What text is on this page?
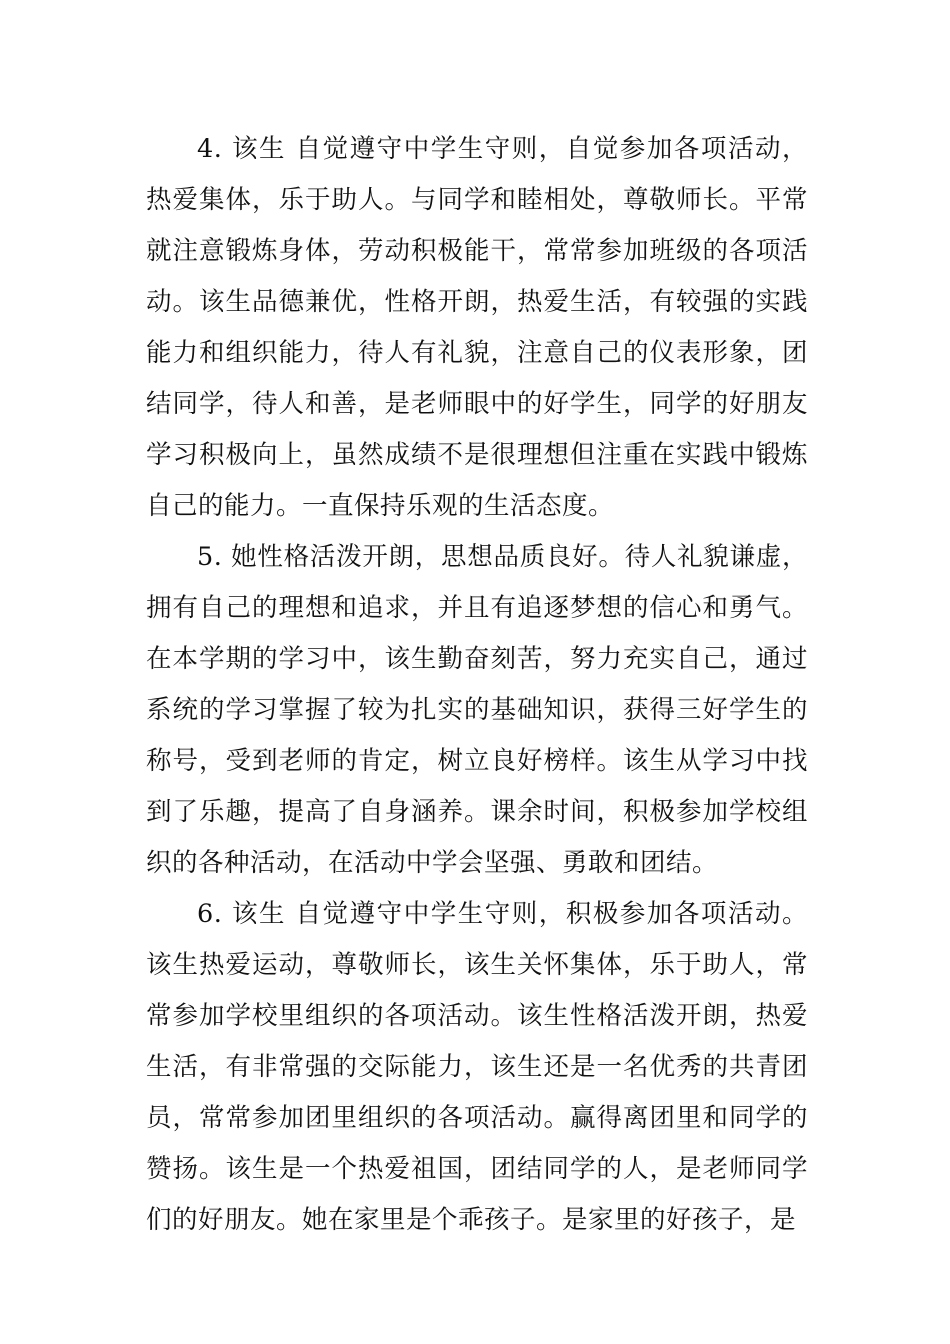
4. 该生 自觉遵守中学生守则，自觉参加各项活动，热爱集体，乐于助人。与同学和睦相处，尊敬师长。平常就注意锻炼身体，劳动积极能干，常常参加班级的各项活动。该生品德兼优，性格开朗，热爱生活，有较强的实践能力和组织能力，待人有礼貌，注意自己的仪表形象，团结同学，待人和善，是老师眼中的好学生，同学的好朋友学习积极向上，虽然成绩不是很理想但注重在实践中锻炼自己的能力。一直保持乐观的生活态度。

5. 她性格活泼开朗，思想品质良好。待人礼貌谦虚，拥有自己的理想和追求，并且有追逐梦想的信心和勇气。在本学期的学习中，该生勤奋刻苦，努力充实自己，通过系统的学习掌握了较为扎实的基础知识，获得三好学生的称号，受到老师的肯定，树立良好榜样。该生从学习中找到了乐趣，提高了自身涵养。课余时间，积极参加学校组织的各种活动，在活动中学会坚强、勇敢和团结。

6. 该生 自觉遵守中学生守则，积极参加各项活动。该生热爱运动，尊敬师长，该生关怀集体，乐于助人，常常参加学校里组织的各项活动。该生性格活泼开朗，热爱生活，有非常强的交际能力，该生还是一名优秀的共青团员，常常参加团里组织的各项活动。赢得离团里和同学的赞扬。该生是一个热爱祖国，团结同学的人，是老师同学们的好朋友。她在家里是个乖孩子。是家里的好孩子，是
